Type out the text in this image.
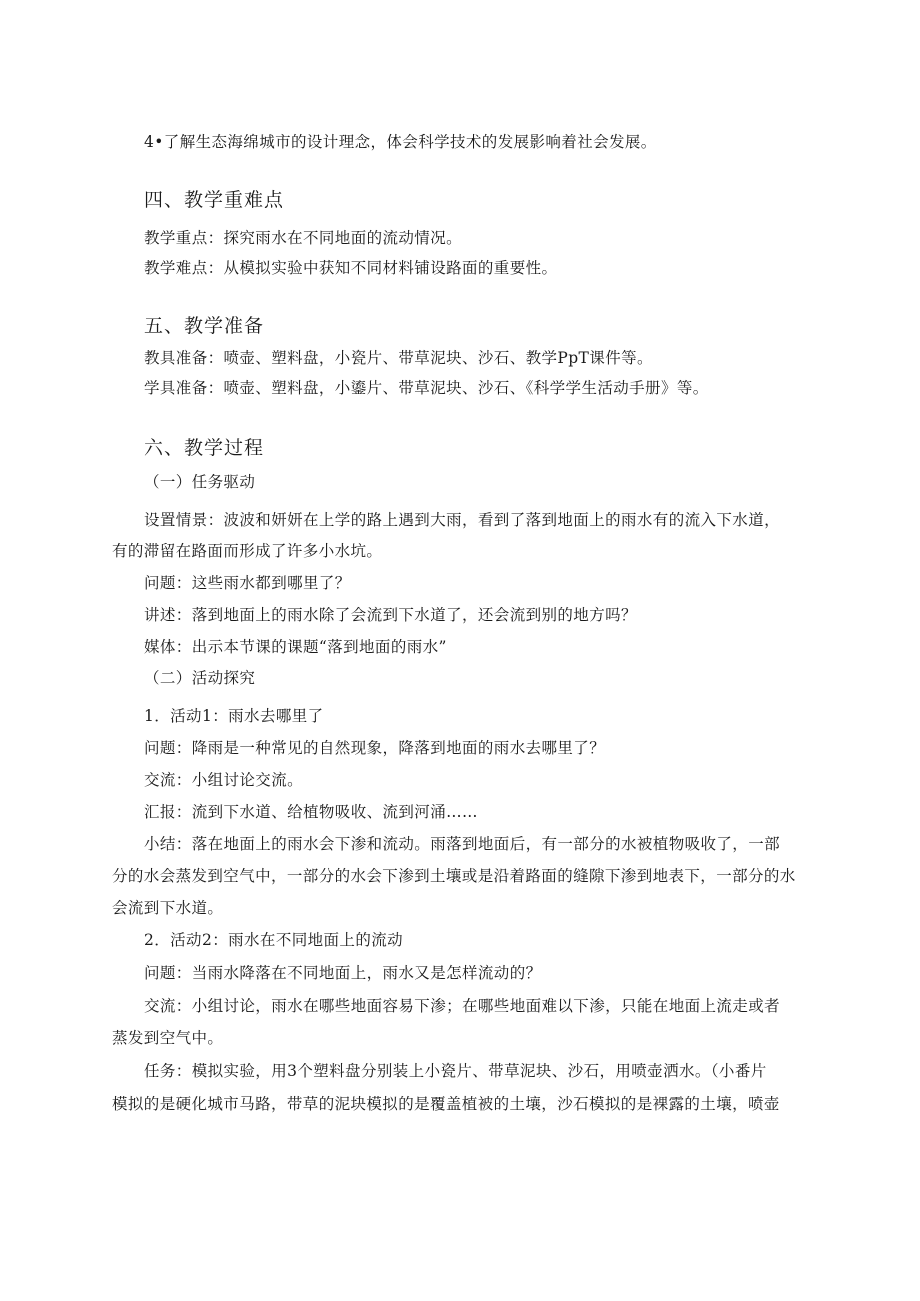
4•了解生态海绵城市的设计理念，体会科学技术的发展影响着社会发展。
四、教学重难点
教学重点：探究雨水在不同地面的流动情况。
教学难点：从模拟实验中获知不同材料铺设路面的重要性。
五、教学准备
教具准备：喷壶、塑料盘，小瓷片、带草泥块、沙石、教学PpT课件等。
学具准备：喷壶、塑料盘，小鎏片、带草泥块、沙石、《科学学生活动手册》等。
六、教学过程
（一）任务驱动
设置情景：波波和妍妍在上学的路上遇到大雨，看到了落到地面上的雨水有的流入下水道，
有的滞留在路面而形成了许多小水坑。
问题：这些雨水都到哪里了？
讲述：落到地面上的雨水除了会流到下水道了，还会流到别的地方吗？
媒体：出示本节课的课题“落到地面的雨水”
（二）活动探究
1．活动1：雨水去哪里了
问题：降雨是一种常见的自然现象，降落到地面的雨水去哪里了？
交流：小组讨论交流。
汇报：流到下水道、给植物吸收、流到河涌……
小结：落在地面上的雨水会下渗和流动。雨落到地面后，有一部分的水被植物吸收了，一部
分的水会蒸发到空气中，一部分的水会下渗到土壤或是沿着路面的缝隙下渗到地表下，一部分的水
会流到下水道。
2．活动2：雨水在不同地面上的流动
问题：当雨水降落在不同地面上，雨水又是怎样流动的？
交流：小组讨论，雨水在哪些地面容易下渗；在哪些地面难以下渗，只能在地面上流走或者
蒸发到空气中。
任务：模拟实验，用3个塑料盘分别装上小瓷片、带草泥块、沙石，用喷壶洒水。（小番片
模拟的是硬化城市马路，带草的泥块模拟的是覆盖植被的土壤，沙石模拟的是裸露的土壤，喷壶
